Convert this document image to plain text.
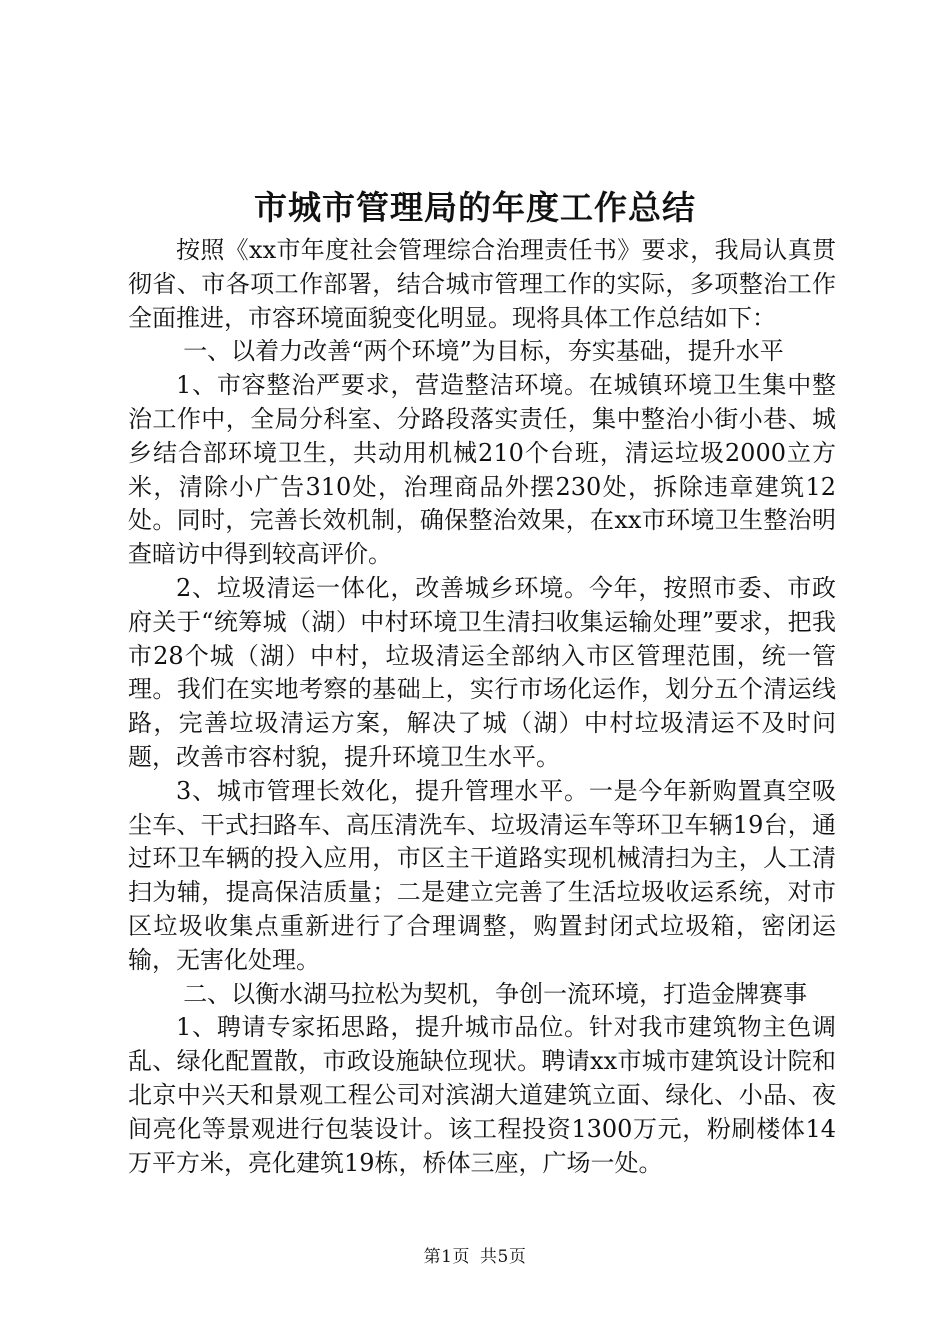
市城市管理局的年度工作总结

按照《xx市年度社会管理综合治理责任书》要求，我局认真贯彻省、市各项工作部署，结合城市管理工作的实际，多项整治工作全面推进，市容环境面貌变化明显。现将具体工作总结如下：

一、以着力改善“两个环境”为目标，夯实基础，提升水平

1、市容整治严要求，营造整洁环境。在城镇环境卫生集中整治工作中，全局分科室、分路段落实责任，集中整治小街小巷、城乡结合部环境卫生，共动用机械210个台班，清运垃圾2000立方米，清除小广告310处，治理商品外摆230处，拆除违章建筑12处。同时，完善长效机制，确保整治效果，在xx市环境卫生整治明查暗访中得到较高评价。

2、垃圾清运一体化，改善城乡环境。今年，按照市委、市政府关于“统筹城（湖）中村环境卫生清扫收集运输处理”要求，把我市28个城（湖）中村，垃圾清运全部纳入市区管理范围，统一管理。我们在实地考察的基础上，实行市场化运作，划分五个清运线路，完善垃圾清运方案，解决了城（湖）中村垃圾清运不及时问题，改善市容村貌，提升环境卫生水平。

3、城市管理长效化，提升管理水平。一是今年新购置真空吸尘车、干式扫路车、高压清洗车、垃圾清运车等环卫车辆19台，通过环卫车辆的投入应用，市区主干道路实现机械清扫为主，人工清扫为辅，提高保洁质量；二是建立完善了生活垃圾收运系统，对市区垃圾收集点重新进行了合理调整，购置封闭式垃圾箱，密闭运输，无害化处理。

二、以衡水湖马拉松为契机，争创一流环境，打造金牌赛事

1、聘请专家拓思路，提升城市品位。针对我市建筑物主色调乱、绿化配置散，市政设施缺位现状。聘请xx市城市建筑设计院和北京中兴天和景观工程公司对滨湖大道建筑立面、绿化、小品、夜间亮化等景观进行包装设计。该工程投资1300万元，粉刷楼体14万平方米，亮化建筑19栋，桥体三座，广场一处。

第1页 共5页
